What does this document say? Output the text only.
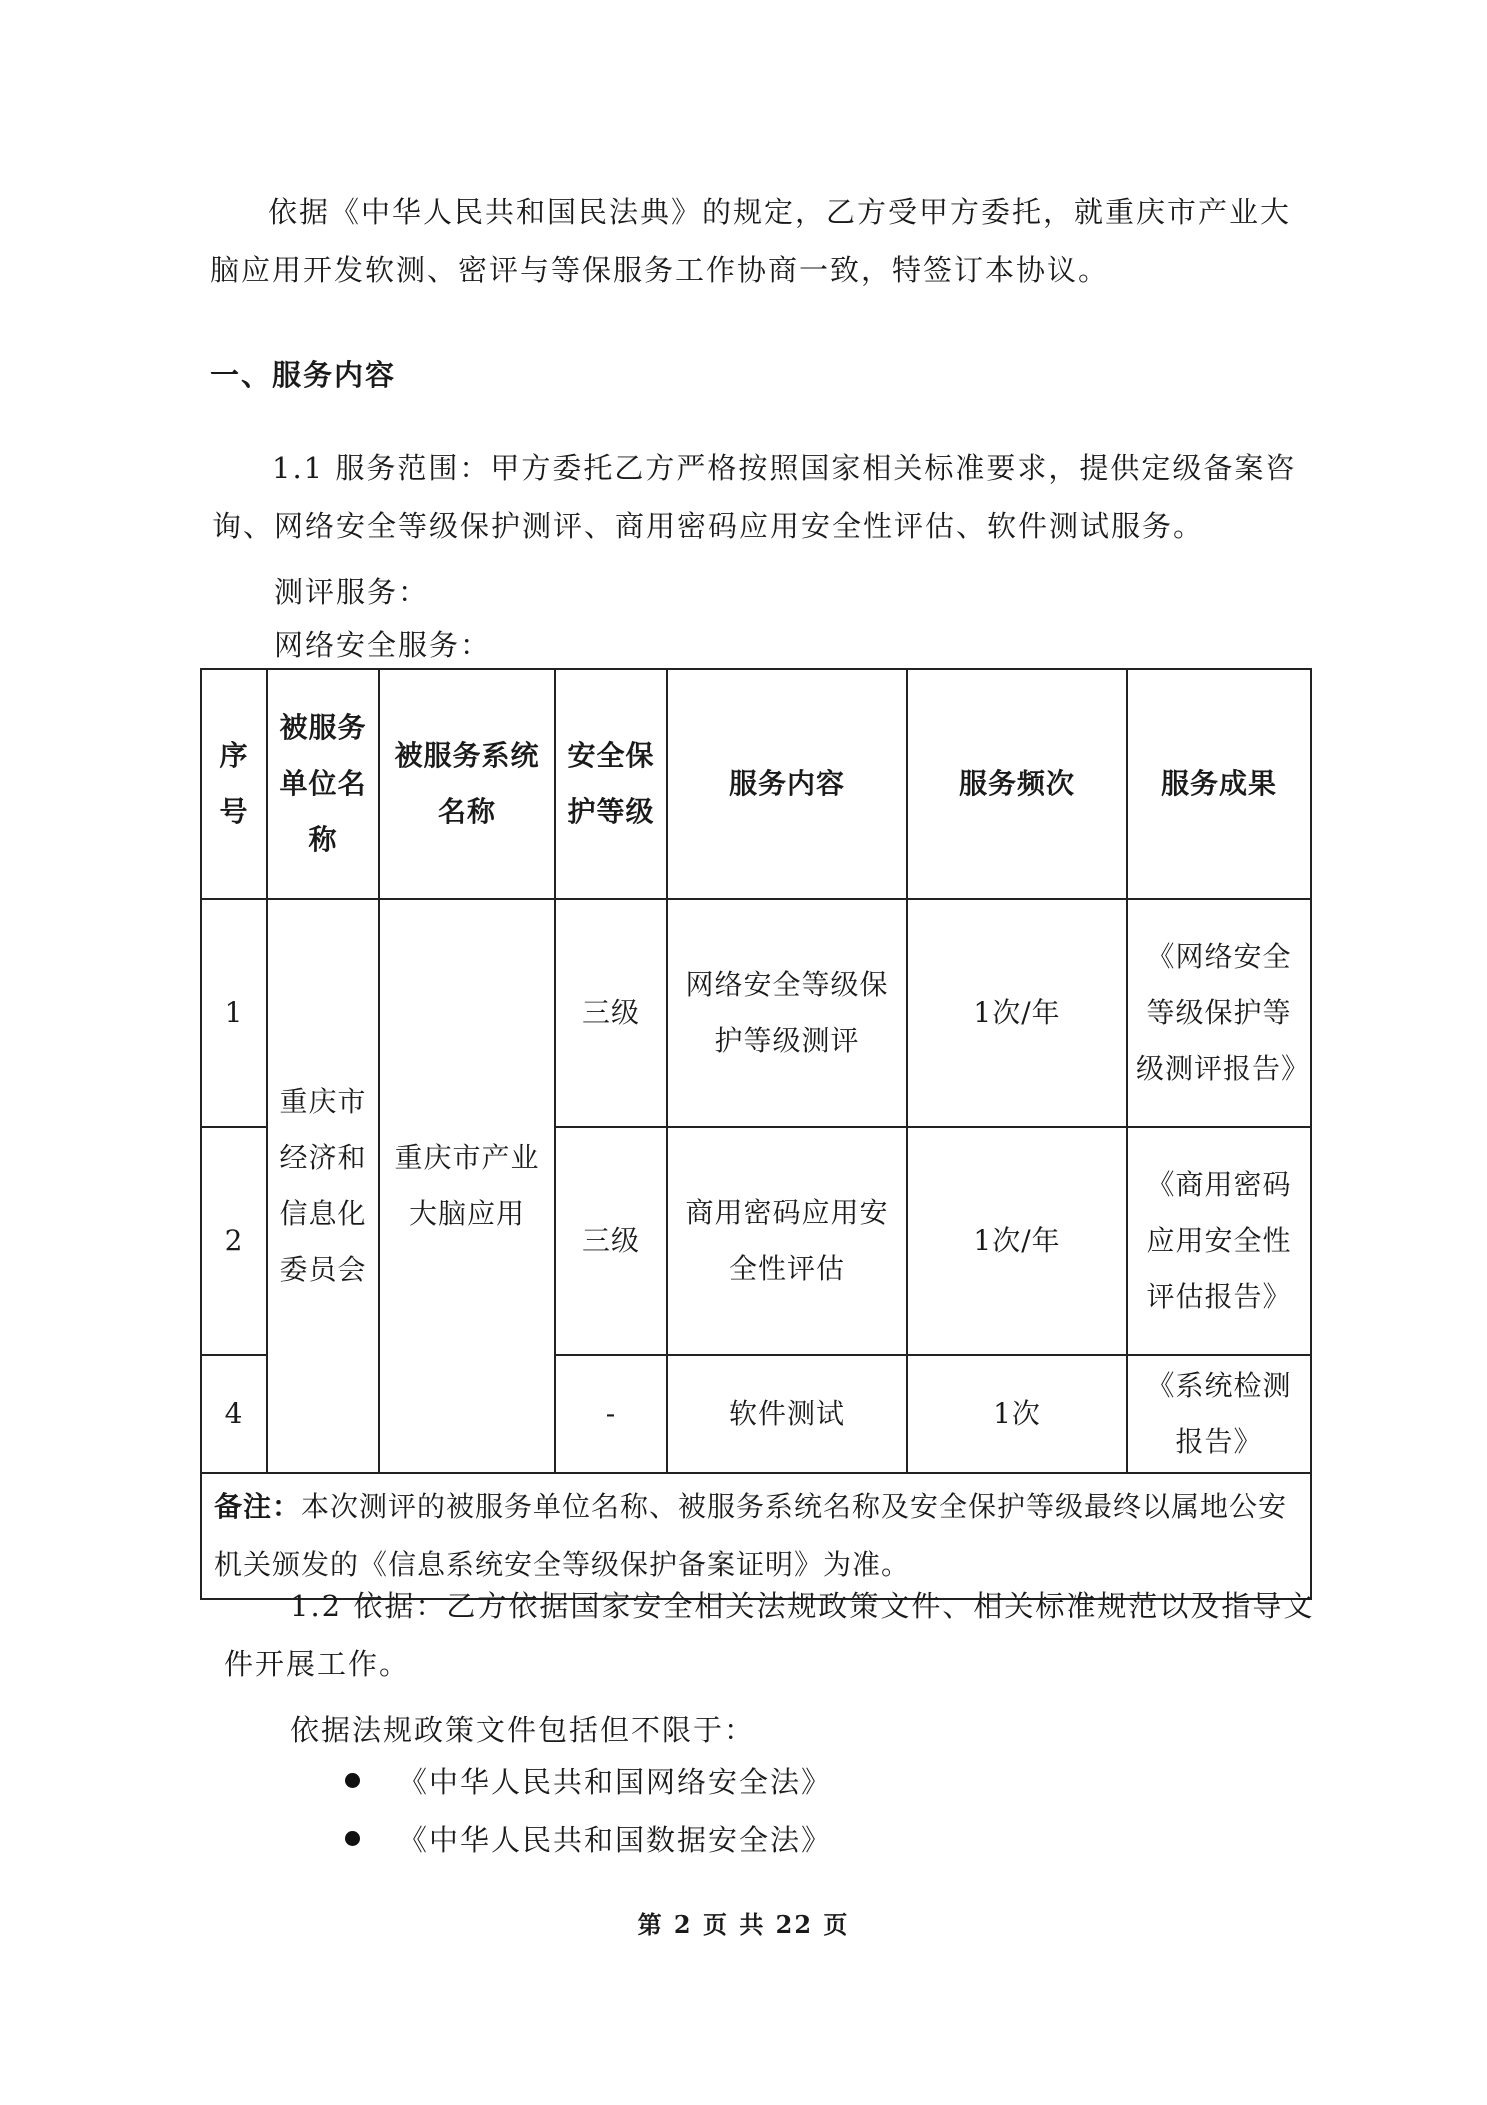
依据《中华人民共和国民法典》的规定，乙方受甲方委托，就重庆市产业大

脑应用开发软测、密评与等保服务工作协商一致，特签订本协议。

一、服务内容

1.1 服务范围：甲方委托乙方严格按照国家相关标准要求，提供定级备案咨

询、网络安全等级保护测评、商用密码应用安全性评估、软件测试服务。

测评服务：

网络安全服务：

序号	被服务单位名称	被服务系统名称	安全保护等级	服务内容	服务频次	服务成果
1	重庆市经济和信息化委员会	重庆市产业大脑应用	三级	网络安全等级保护等级测评	1次/年	《网络安全等级保护等级测评报告》
2			三级	商用密码应用安全性评估	1次/年	《商用密码应用安全性评估报告》
4			-	软件测试	1次	《系统检测报告》
备注：本次测评的被服务单位名称、被服务系统名称及安全保护等级最终以属地公安机关颁发的《信息系统安全等级保护备案证明》为准。						

1.2 依据：乙方依据国家安全相关法规政策文件、相关标准规范以及指导文

件开展工作。

依据法规政策文件包括但不限于：

《中华人民共和国网络安全法》
《中华人民共和国数据安全法》
第 2 页 共 22 页
